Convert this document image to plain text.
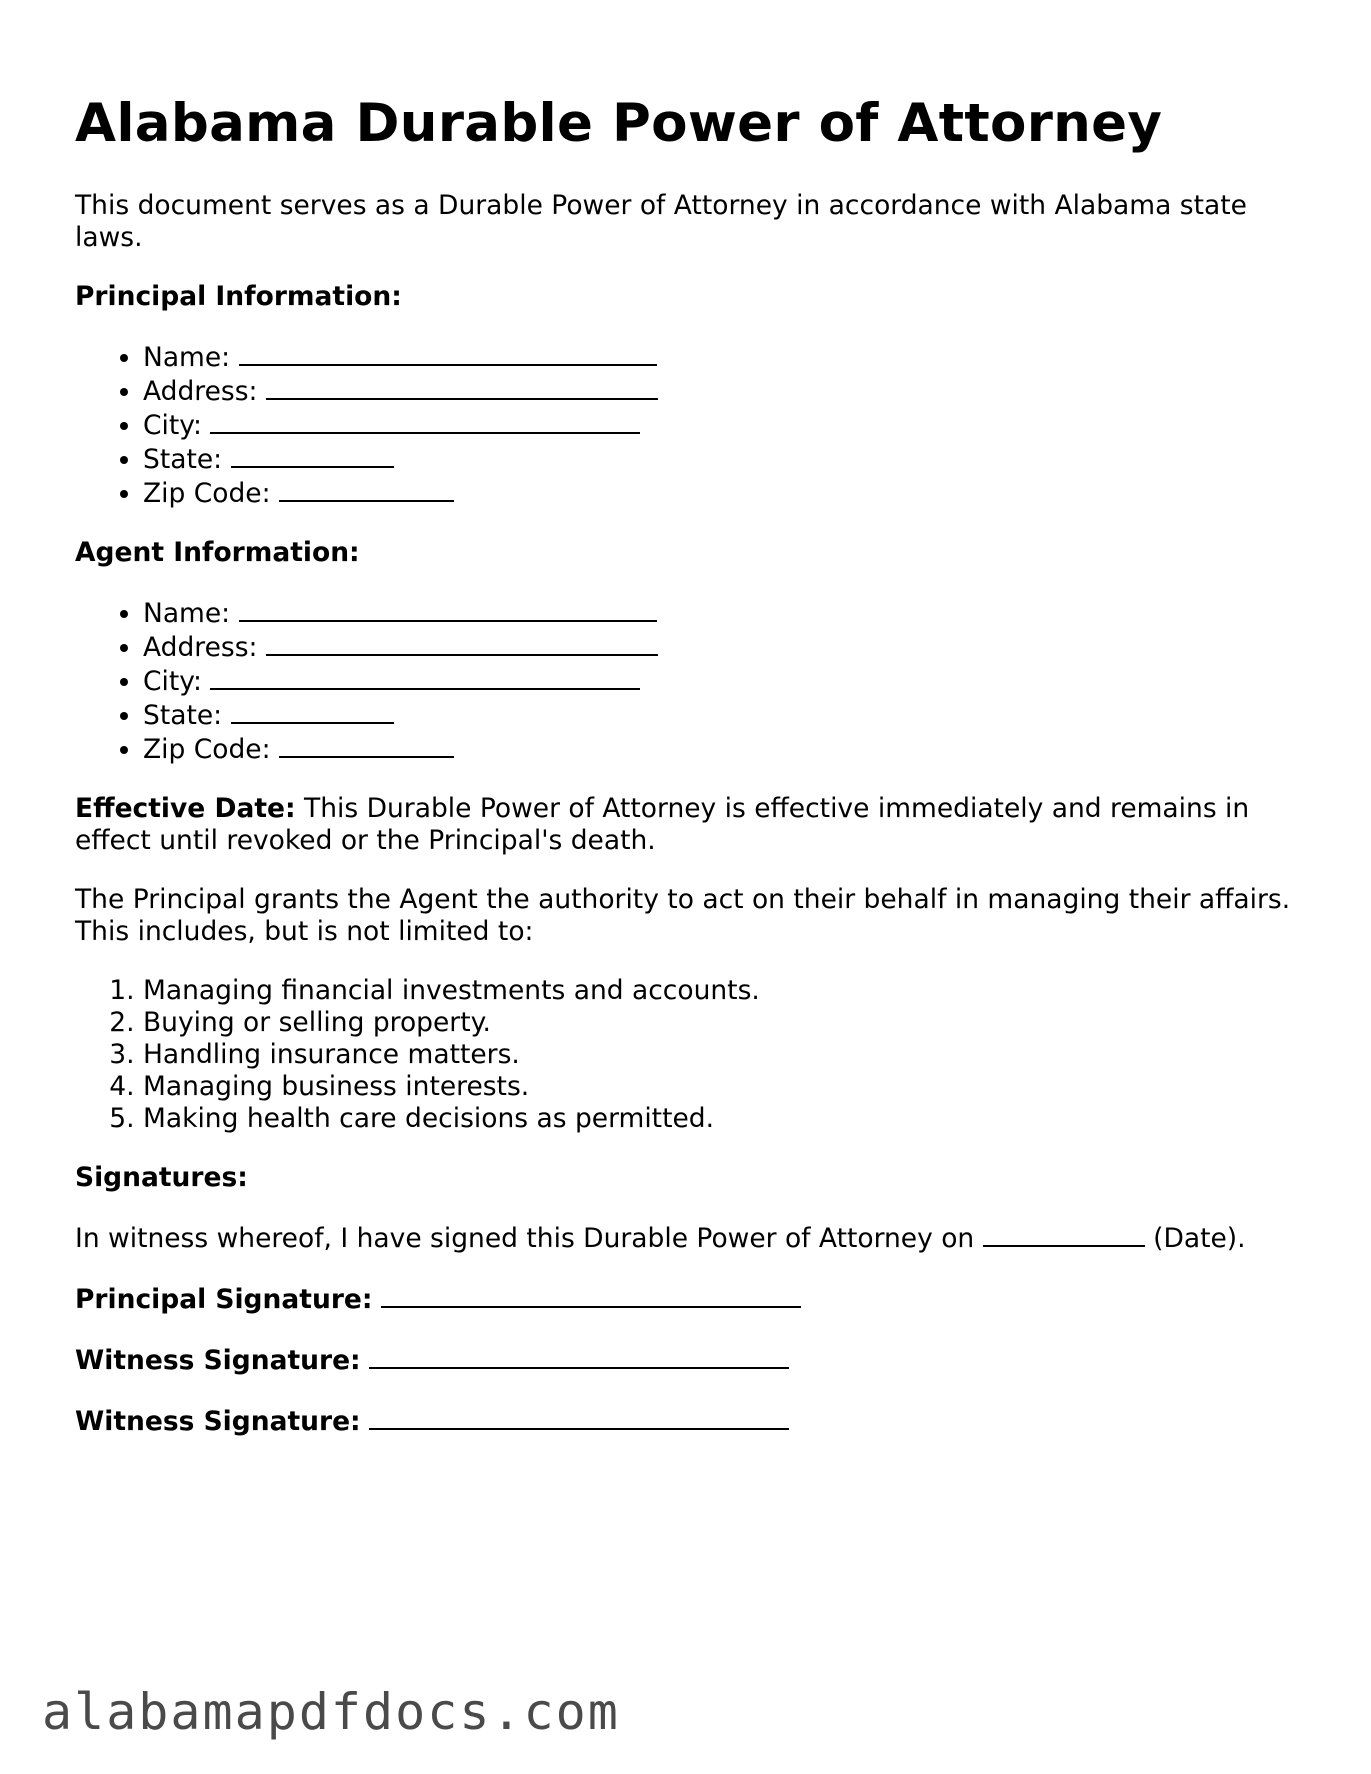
Alabama Durable Power of Attorney

This document serves as a Durable Power of Attorney in accordance with Alabama state laws.

Principal Information:

• Name:
• Address:
• City:
• State:
• Zip Code:

Agent Information:

• Name:
• Address:
• City:
• State:
• Zip Code:

Effective Date: This Durable Power of Attorney is effective immediately and remains in effect until revoked or the Principal's death.

The Principal grants the Agent the authority to act on their behalf in managing their affairs. This includes, but is not limited to:

1. Managing financial investments and accounts.
2. Buying or selling property.
3. Handling insurance matters.
4. Managing business interests.
5. Making health care decisions as permitted.

Signatures:

In witness whereof, I have signed this Durable Power of Attorney on	(Date).

Principal Signature:

Witness Signature:

Witness Signature:

alabamapdfdocs.com
